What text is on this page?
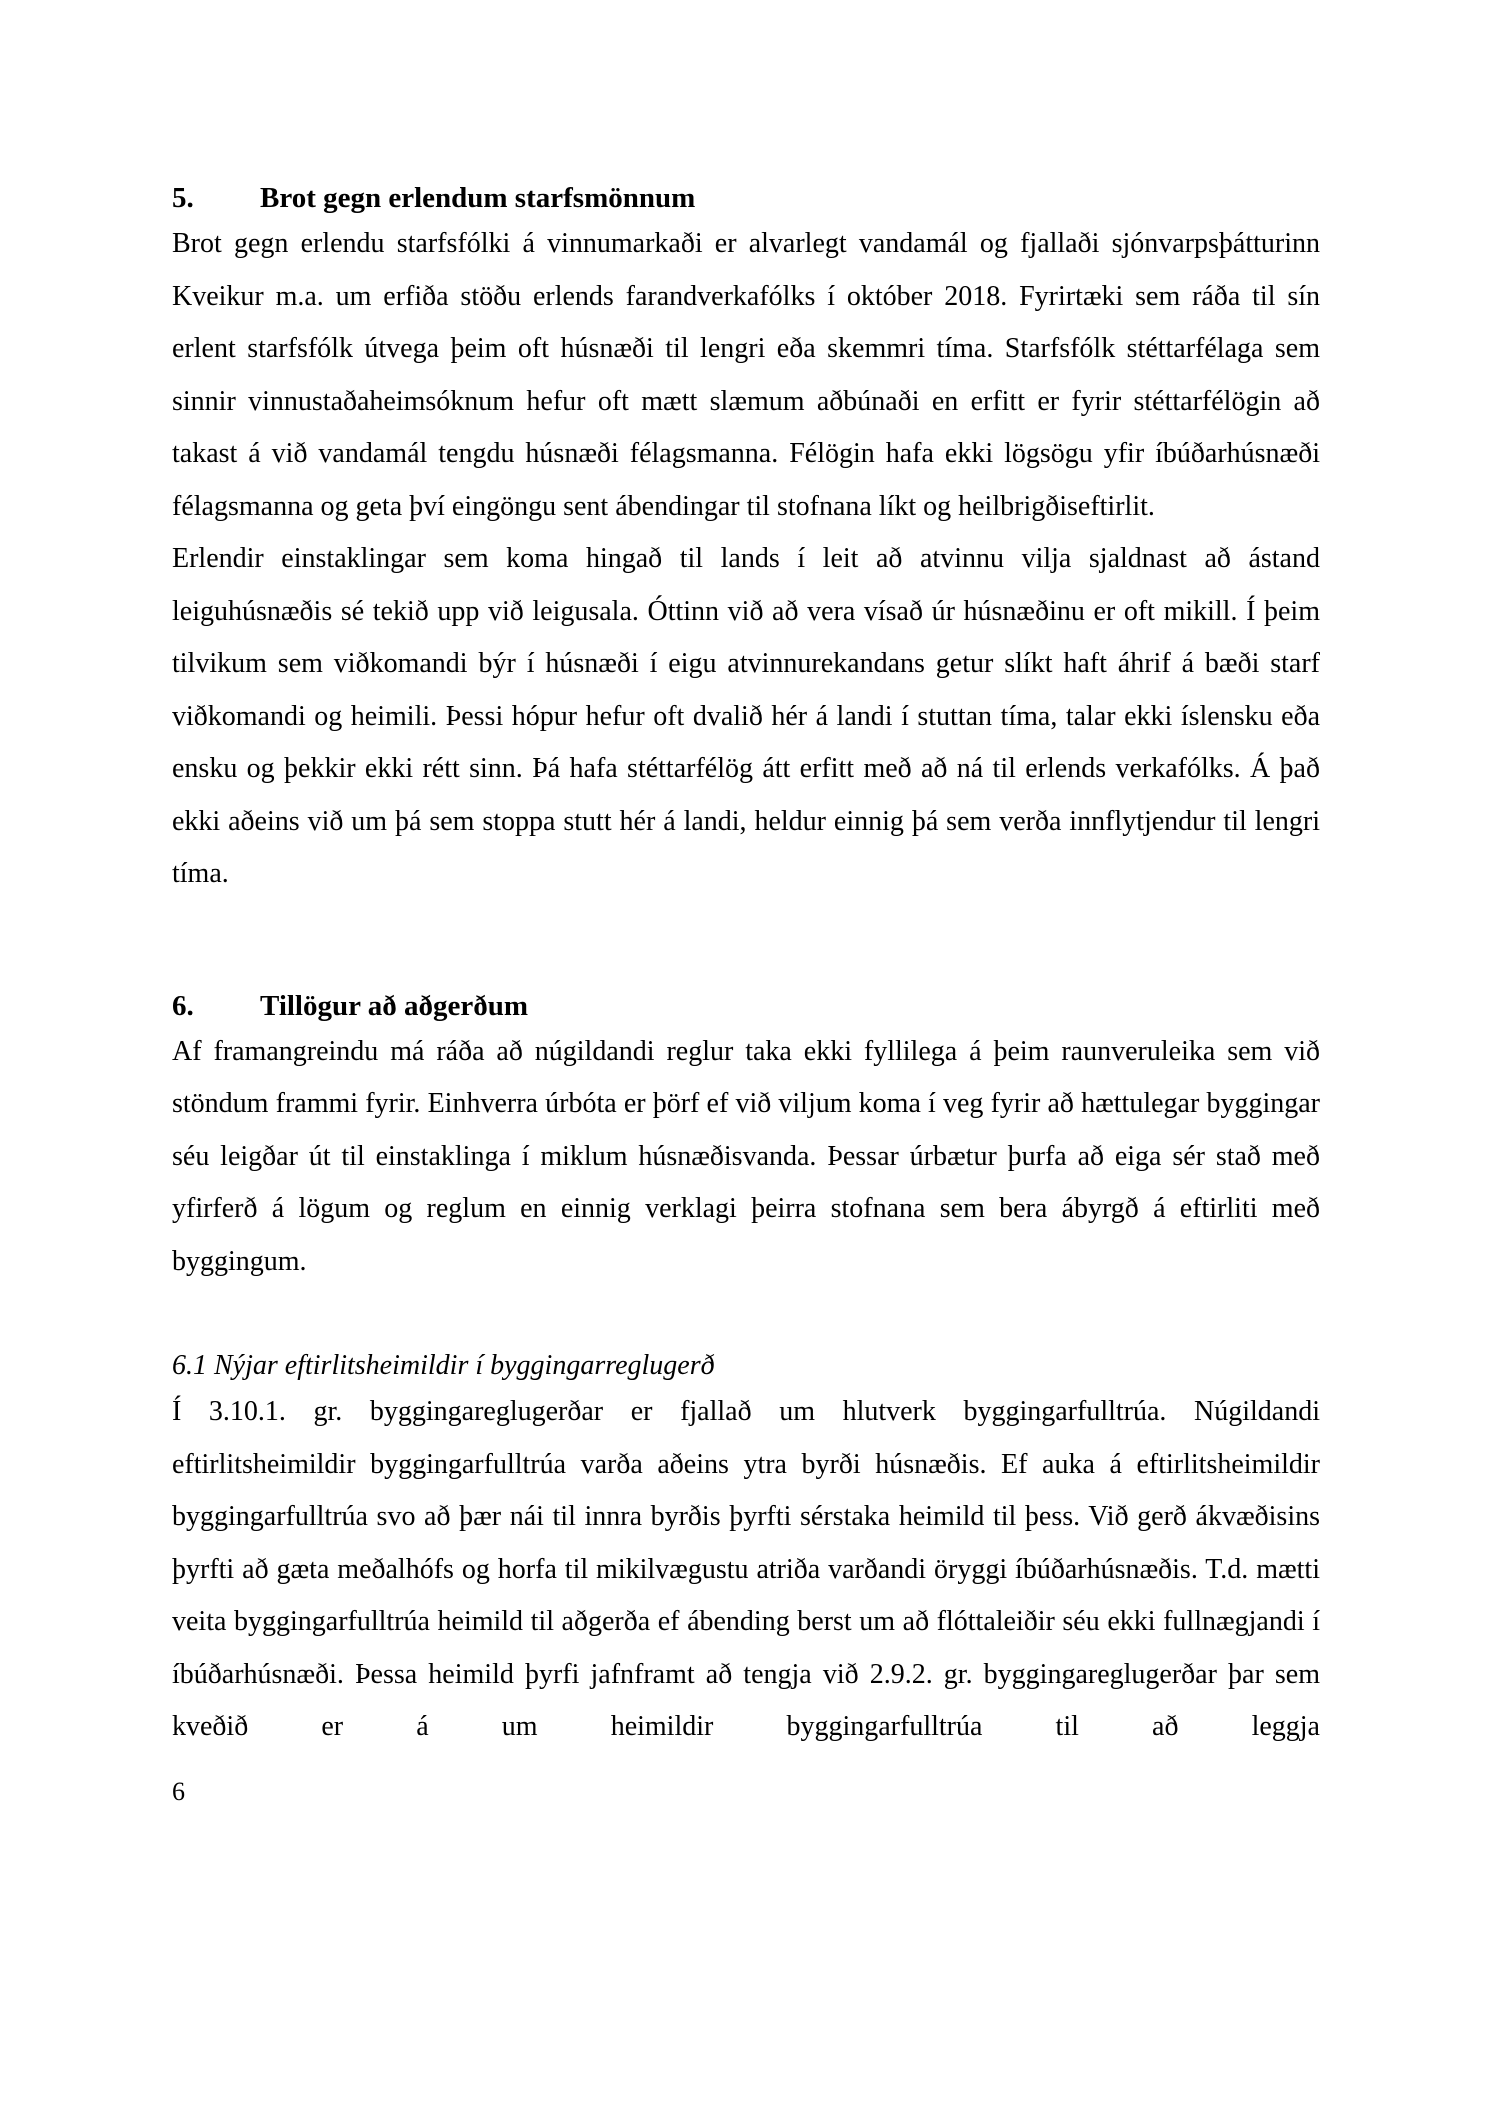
5.	Brot gegn erlendum starfsmönnum

Brot gegn erlendu starfsfólki á vinnumarkaði er alvarlegt vandamál og fjallaði sjónvarpsþátturinn Kveikur m.a. um erfiða stöðu erlends farandverkafólks í október 2018. Fyrirtæki sem ráða til sín erlent starfsfólk útvega þeim oft húsnæði til lengri eða skemmri tíma. Starfsfólk stéttarfélaga sem sinnir vinnustaðaheimsóknum hefur oft mætt slæmum aðbúnaði en erfitt er fyrir stéttarfélögin að takast á við vandamál tengdu húsnæði félagsmanna. Félögin hafa ekki lögsögu yfir íbúðarhúsnæði félagsmanna og geta því eingöngu sent ábendingar til stofnana líkt og heilbrigðiseftirlit.

Erlendir einstaklingar sem koma hingað til lands í leit að atvinnu vilja sjaldnast að ástand leiguhúsnæðis sé tekið upp við leigusala. Óttinn við að vera vísað úr húsnæðinu er oft mikill. Í þeim tilvikum sem viðkomandi býr í húsnæði í eigu atvinnurekandans getur slíkt haft áhrif á bæði starf viðkomandi og heimili. Þessi hópur hefur oft dvalið hér á landi í stuttan tíma, talar ekki íslensku eða ensku og þekkir ekki rétt sinn. Þá hafa stéttarfélög átt erfitt með að ná til erlends verkafólks. Á það ekki aðeins við um þá sem stoppa stutt hér á landi, heldur einnig þá sem verða innflytjendur til lengri tíma.

6.	Tillögur að aðgerðum

Af framangreindu má ráða að núgildandi reglur taka ekki fyllilega á þeim raunveruleika sem við stöndum frammi fyrir. Einhverra úrbóta er þörf ef við viljum koma í veg fyrir að hættulegar byggingar séu leigðar út til einstaklinga í miklum húsnæðisvanda. Þessar úrbætur þurfa að eiga sér stað með yfirferð á lögum og reglum en einnig verklagi þeirra stofnana sem bera ábyrgð á eftirliti með byggingum.

6.1 Nýjar eftirlitsheimildir í byggingarreglugerð

Í 3.10.1. gr. byggingareglugerðar er fjallað um hlutverk byggingarfulltrúa. Núgildandi eftirlitsheimildir byggingarfulltrúa varða aðeins ytra byrði húsnæðis. Ef auka á eftirlitsheimildir byggingarfulltrúa svo að þær nái til innra byrðis þyrfti sérstaka heimild til þess. Við gerð ákvæðisins þyrfti að gæta meðalhófs og horfa til mikilvægustu atriða varðandi öryggi íbúðarhúsnæðis. T.d. mætti veita byggingarfulltrúa heimild til aðgerða ef ábending berst um að flóttaleiðir séu ekki fullnægjandi í íbúðarhúsnæði. Þessa heimild þyrfi jafnframt að tengja við 2.9.2. gr. byggingareglugerðar þar sem kveðið er á um heimildir byggingarfulltrúa til að leggja

6
